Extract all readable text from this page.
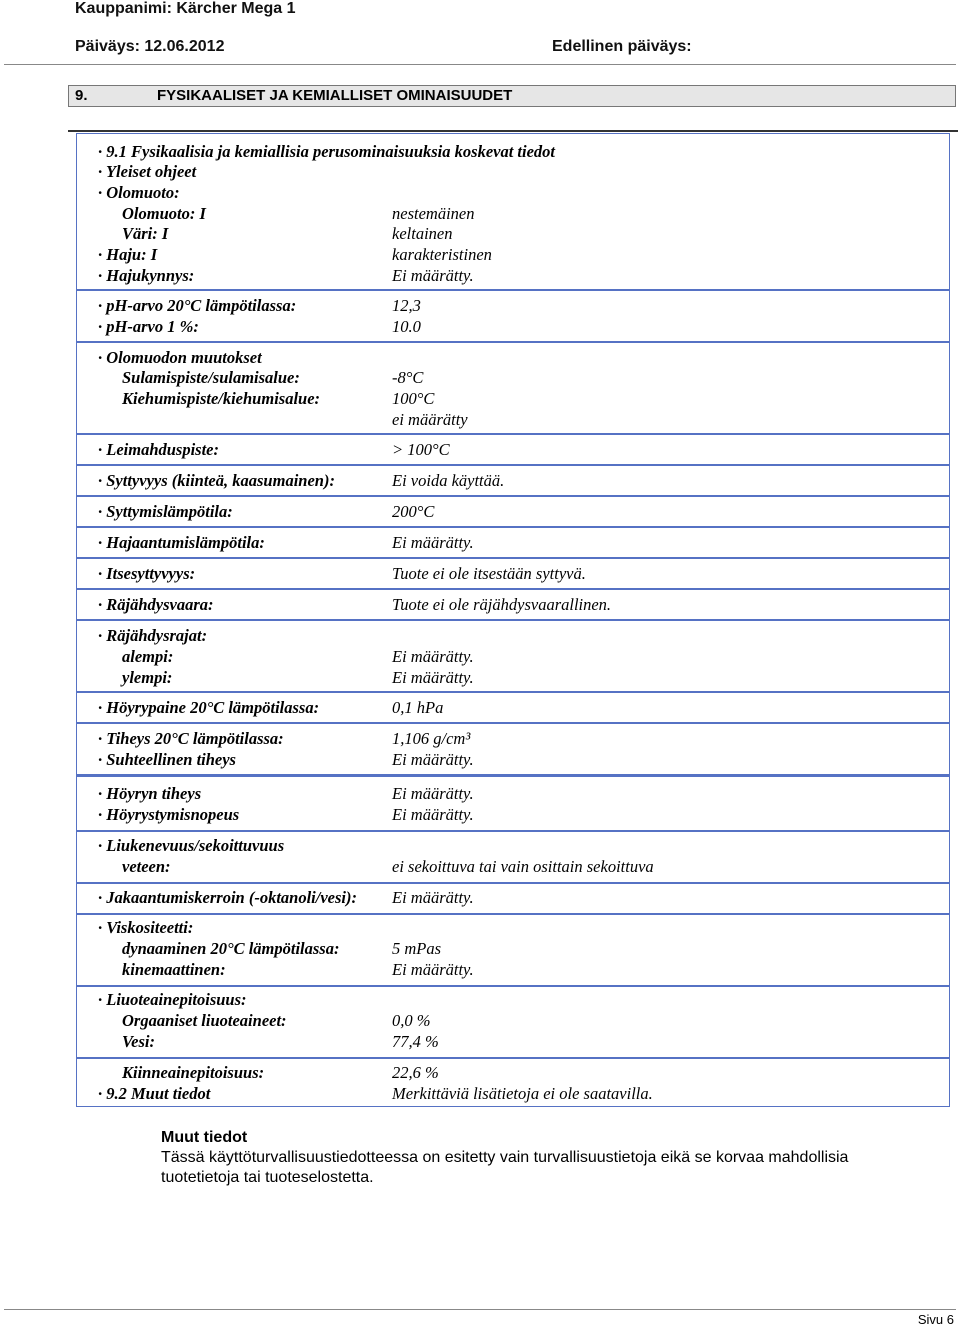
Kauppanimi: Kärcher Mega 1
Päiväys: 12.06.2012	Edellinen päiväys:
9.	FYSIKAALISET JA KEMIALLISET OMINAISUUDET
· 9.1 Fysikaalisia ja kemiallisia perusominaisuuksia koskevat tiedot
· Yleiset ohjeet
· Olomuoto:
Olomuoto: I	nestemäinen
Väri: I	keltainen
· Haju: I	karakteristinen
· Hajukynnys:	Ei määrätty.
· pH-arvo 20°C lämpötilassa:	12,3
· pH-arvo 1 %:	10.0
· Olomuodon muutokset
Sulamispiste/sulamisalue:	-8°C
Kiehumispiste/kiehumisalue:	100°C
ei määrätty
· Leimahduspiste:	> 100°C
· Syttyvyys (kiinteä, kaasumainen):	Ei voida käyttää.
· Syttymislämpötila:	200°C
· Hajaantumislämpötila:	Ei määrätty.
· Itsesyttyvyys:	Tuote ei ole itsestään syttyvä.
· Räjähdysvaara:	Tuote ei ole räjähdysvaarallinen.
· Räjähdysrajat:
alempi:	Ei määrätty.
ylempi:	Ei määrätty.
· Höyrypaine 20°C lämpötilassa:	0,1 hPa
· Tiheys 20°C lämpötilassa:	1,106 g/cm³
· Suhteellinen tiheys	Ei määrätty.
· Höyryn tiheys	Ei määrätty.
· Höyrystymisnopeus	Ei määrätty.
· Liukenevuus/sekoittuvuus
veteen:	ei sekoittuva tai vain osittain sekoittuva
· Jakaantumiskerroin (-oktanoli/vesi): Ei määrätty.
· Viskositeetti:
dynaaminen 20°C lämpötilassa:	5 mPas
kinemaattinen:	Ei määrätty.
· Liuoteainepitoisuus:
Orgaaniset liuoteaineet:	0,0 %
Vesi:	77,4 %
Kiinneainepitoisuus:	22,6 %
· 9.2 Muut tiedot	Merkittäviä lisätietoja ei ole saatavilla.
Muut tiedot
Tässä käyttöturvallisuustiedotteessa on esitetty vain turvallisuustietoja eikä se korvaa mahdollisia tuotetietoja tai tuoteselostetta.
Sivu 6
